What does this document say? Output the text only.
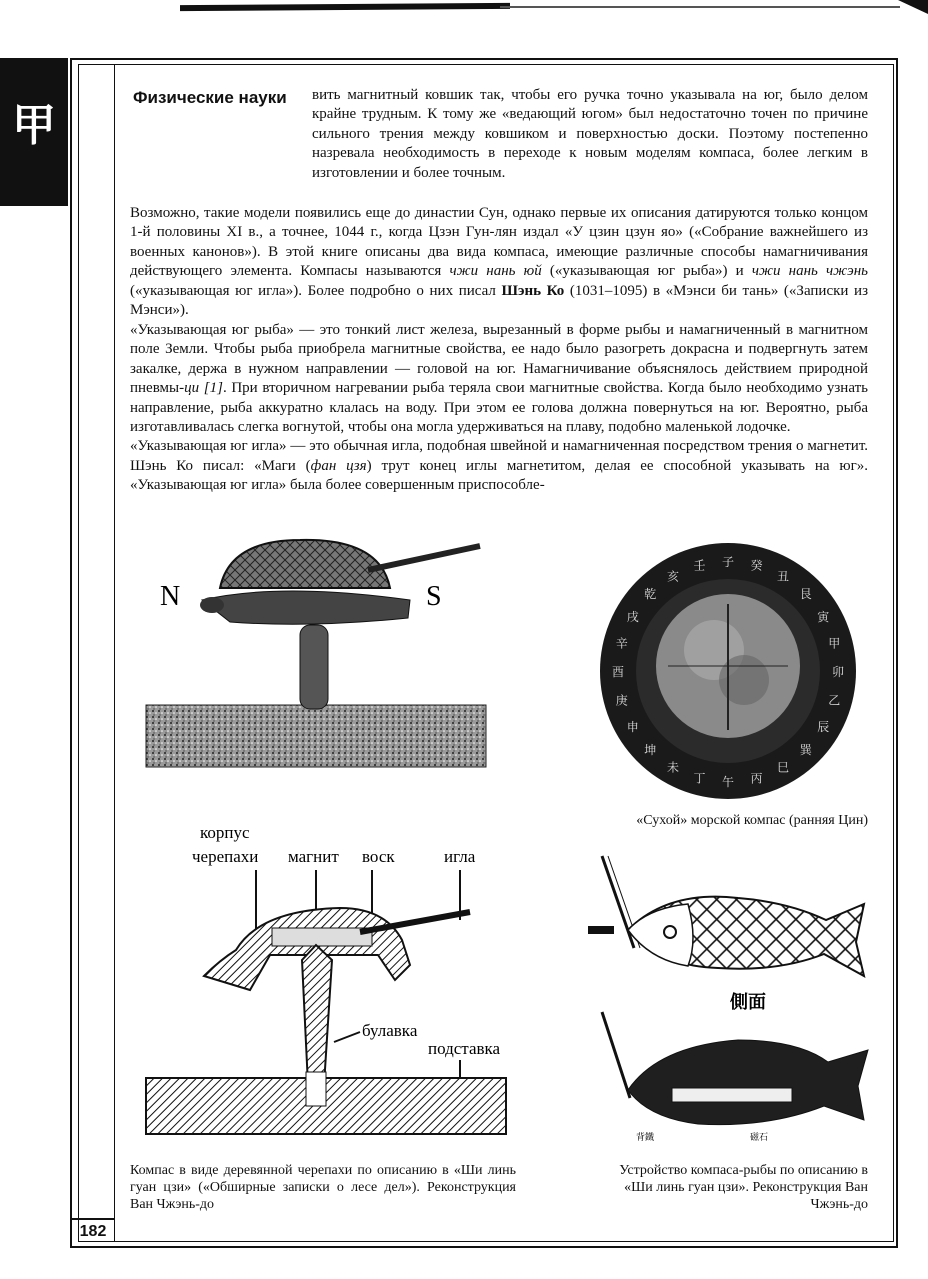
甲
182
Физические науки	вить магнитный ковшик так, чтобы его ручка точно указывала на юг, было делом крайне трудным. К тому же «ведающий югом» был недостаточно точен по причине сильного трения между ковшиком и поверхностью доски. Поэтому постепенно назревала необходимость в переходе к новым моделям компаса, более легким в изготовлении и более точным.

Возможно, такие модели появились еще до династии Сун, однако первые их описания датируются только концом 1-й половины XI в., а точнее, 1044 г., когда Цзэн Гун-лян издал «У цзин цзун яо» («Собрание важнейшего из военных канонов»). В этой книге описаны два вида компаса, имеющие различные способы намагничивания действующего элемента. Компасы называются чжи нань юй («указывающая юг рыба») и чжи нань чжэнь («указывающая юг игла»). Более подробно о них писал Шэнь Ко (1031–1095) в «Мэнси би тань» («Записки из Мэнси»).

«Указывающая юг рыба» — это тонкий лист железа, вырезанный в форме рыбы и намагниченный в магнитном поле Земли. Чтобы рыба приобрела магнитные свойства, ее надо было разогреть докрасна и подвергнуть затем закалке, держа в нужном направлении — головой на юг. Намагничивание объяснялось действием природной пневмы-ци [1]. При вторичном нагревании рыба теряла свои магнитные свойства. Когда было необходимо узнать направление, рыба аккуратно клалась на воду. При этом ее голова должна повернуться на юг. Вероятно, рыба изготавливалась слегка вогнутой, чтобы она могла удерживаться на плаву, подобно маленькой лодочке.

«Указывающая юг игла» — это обычная игла, подобная швейной и намагниченная посредством трения о магнетит. Шэнь Ко писал: «Маги (фан цзя) трут конец иглы магнетитом, делая ее способной указывать на юг». «Указывающая юг игла» была более совершенным приспособле-

N	S
子 癸
丑
艮
寅
甲
卯
乙
辰
巽
巳
丙
午
丁
未
坤
申
庚
酉
辛
戌
乾
亥
壬
«Сухой» морской компас (ранняя Цин)
корпус
черепахи магнит воск	игла
булавка
подставка
Компас в виде деревянной черепахи по описанию в «Ши линь гуан цзи» («Обширные записки о лесе дел»). Реконструкция Ван Чжэнь-до
側面
背鐵	磁石
Устройство компаса-рыбы по описанию в «Ши линь гуан цзи». Реконструкция Ван Чжэнь-до
